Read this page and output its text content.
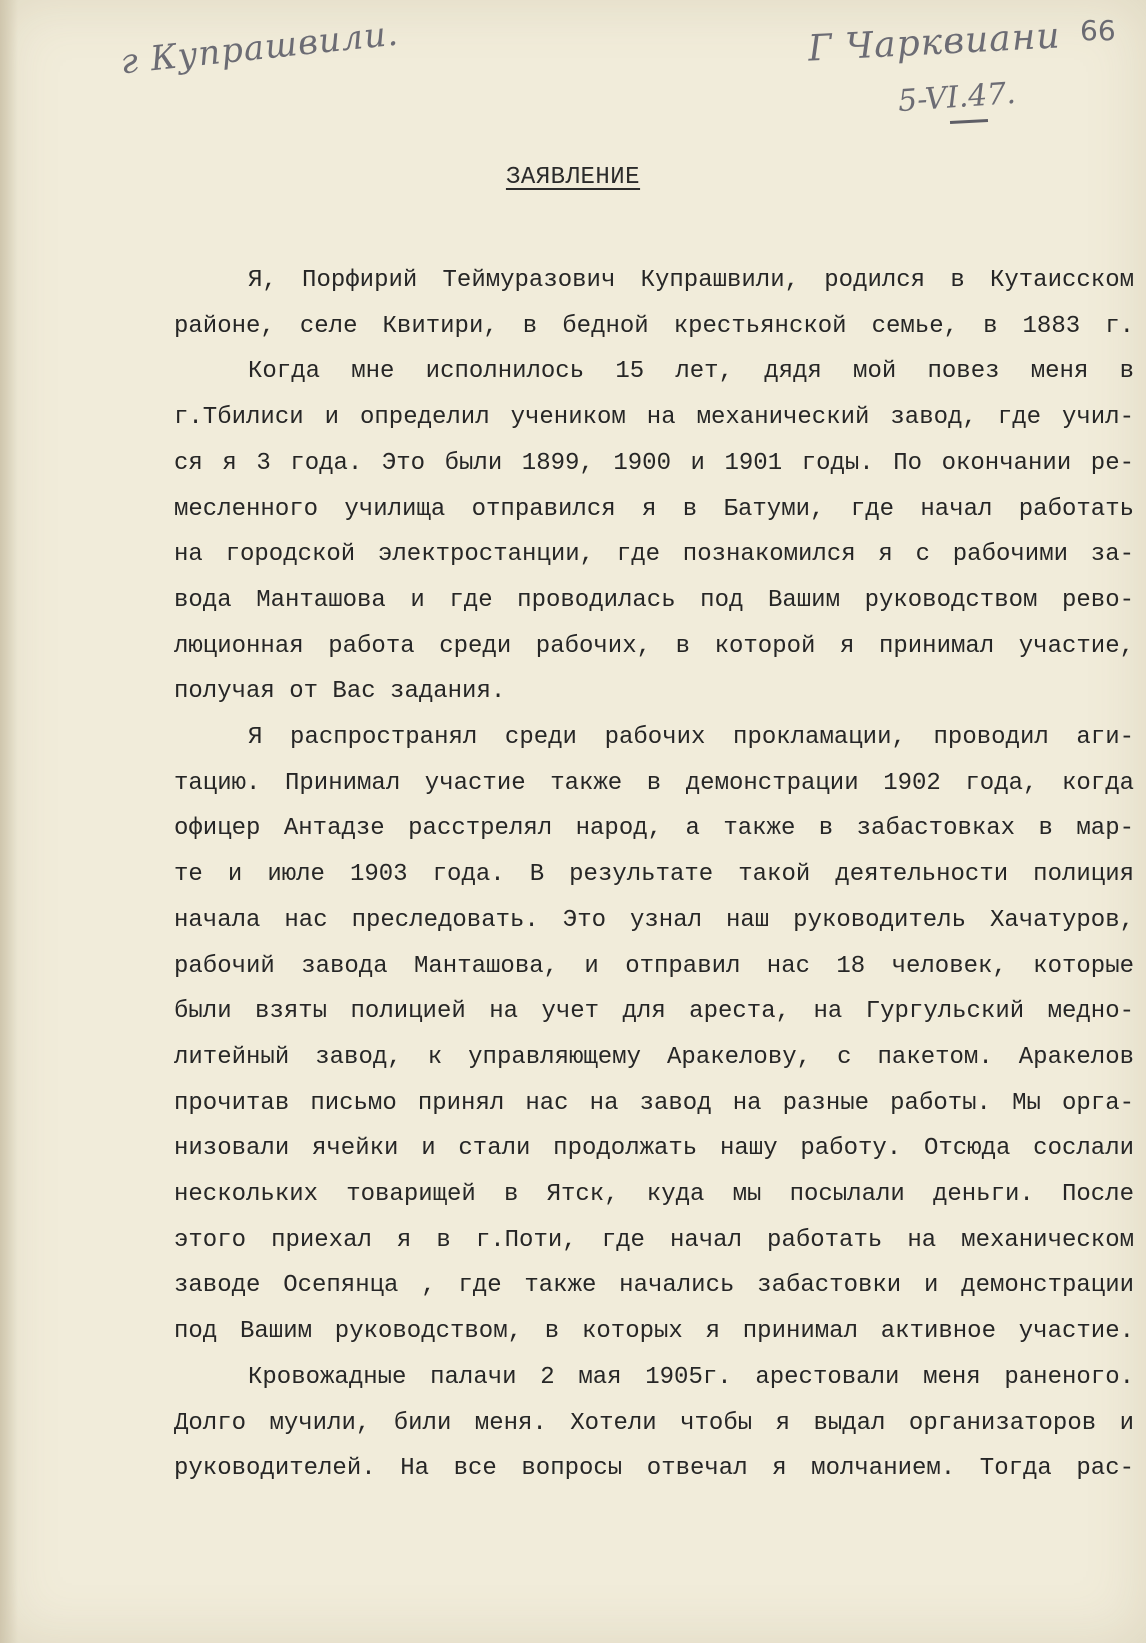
г Купрашвили.	Г Чарквиани
5-VI.47.
66
ЗАЯВЛЕНИЕ
Я, Порфирий Теймуразович Купрашвили, родился в Кутаисском
районе, селе Квитири, в бедной крестьянской семье, в 1883 г.
Когда мне исполнилось 15 лет, дядя мой повез меня в
г.Тбилиси и определил учеником на механический завод, где учил-
ся я 3 года. Это были 1899, 1900 и 1901 годы. По окончании ре-
месленного училища отправился я в Батуми, где начал работать
на городской электростанции, где познакомился я с рабочими за-
вода Манташова и где проводилась под Вашим руководством рево-
люционная работа среди рабочих, в которой я принимал участие,
получая от Вас задания.
Я распространял среди рабочих прокламации, проводил аги-
тацию. Принимал участие также в демонстрации 1902 года, когда
офицер Антадзе расстрелял народ, а также в забастовках в мар-
те и июле 1903 года. В результате такой деятельности полиция
начала нас преследовать. Это узнал наш руководитель Хачатуров,
рабочий завода Манташова, и отправил нас 18 человек, которые
были взяты полицией на учет для ареста, на Гургульский медно-
литейный завод, к управляющему Аракелову, с пакетом. Аракелов
прочитав письмо принял нас на завод на разные работы. Мы орга-
низовали ячейки и стали продолжать нашу работу. Отсюда сослали
нескольких товарищей в Ятск, куда мы посылали деньги. После
этого приехал я в г.Поти, где начал работать на механическом
заводе Осепянца , где также начались забастовки и демонстрации
под Вашим руководством, в которых я принимал активное участие.
Кровожадные палачи 2 мая 1905г. арестовали меня раненого.
Долго мучили, били меня. Хотели чтобы я выдал организаторов и
руководителей. На все вопросы отвечал я молчанием. Тогда рас-
